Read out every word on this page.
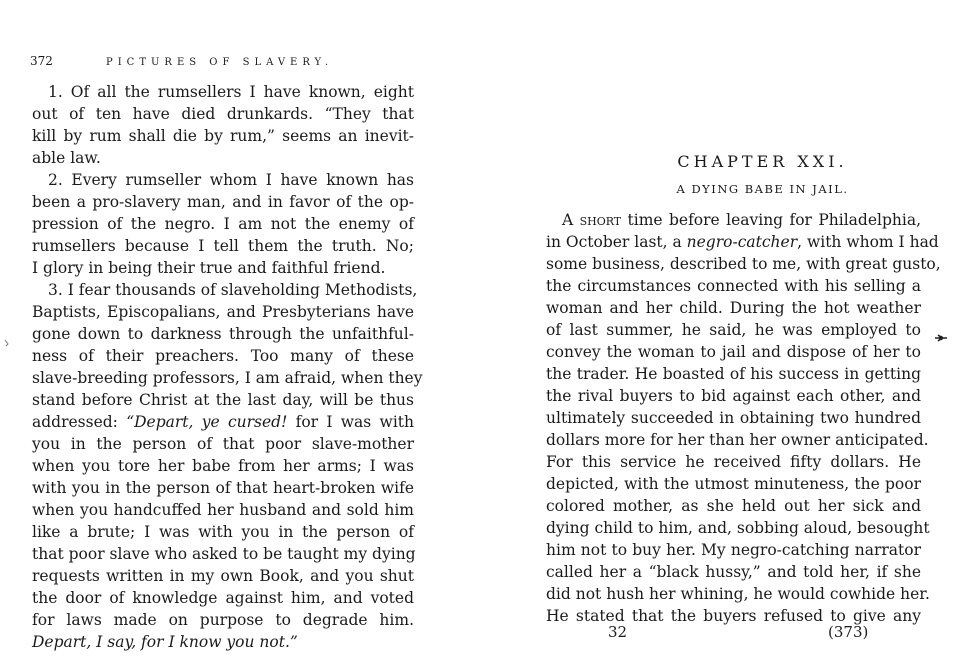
372	PICTURES OF SLAVERY.
1. Of all the rumsellers I have known, eight
out of ten have died drunkards. “They that
kill by rum shall die by rum,” seems an inevit-
able law.
2. Every rumseller whom I have known has
been a pro-slavery man, and in favor of the op-
pression of the negro. I am not the enemy of
rumsellers because I tell them the truth. No;
I glory in being their true and faithful friend.
3. I fear thousands of slaveholding Methodists,
Baptists, Episcopalians, and Presbyterians have
gone down to darkness through the unfaithful-
ness of their preachers. Too many of these
slave-breeding professors, I am afraid, when they
stand before Christ at the last day, will be thus
addressed: “Depart, ye cursed! for I was with
you in the person of that poor slave-mother
when you tore her babe from her arms; I was
with you in the person of that heart-broken wife
when you handcuffed her husband and sold him
like a brute; I was with you in the person of
that poor slave who asked to be taught my dying
requests written in my own Book, and you shut
the door of knowledge against him, and voted
for laws made on purpose to degrade him.
Depart, I say, for I know you not.”
CHAPTER XXI.
A DYING BABE IN JAIL.
A short time before leaving for Philadelphia,
in October last, a negro-catcher, with whom I had
some business, described to me, with great gusto,
the circumstances connected with his selling a
woman and her child. During the hot weather
of last summer, he said, he was employed to
convey the woman to jail and dispose of her to
the trader. He boasted of his success in getting
the rival buyers to bid against each other, and
ultimately succeeded in obtaining two hundred
dollars more for her than her owner anticipated.
For this service he received fifty dollars. He
depicted, with the utmost minuteness, the poor
colored mother, as she held out her sick and
dying child to him, and, sobbing aloud, besought
him not to buy her. My negro-catching narrator
called her a “black hussy,” and told her, if she
did not hush her whining, he would cowhide her.
He stated that the buyers refused to give any
32	(373)
